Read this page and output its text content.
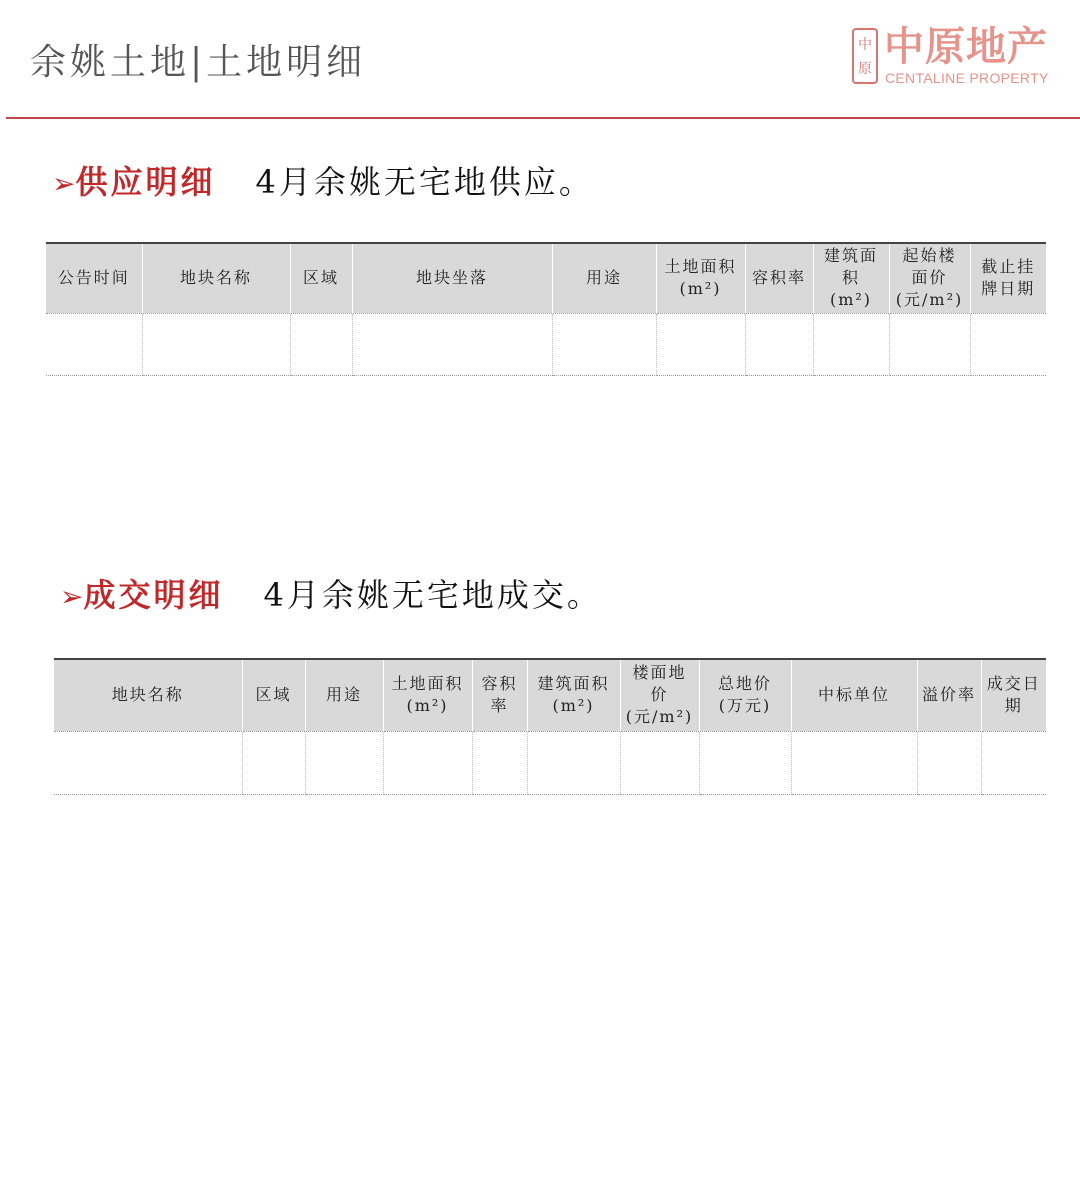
余姚土地|土地明细	中
原 中原地产
CENTALINE PROPERTY
➢供应明细 4月余姚无宅地供应。
公告时间	地块名称	区域	地块坐落	用途	土地面积
(m²)	容积率	建筑面
积
(m²)	起始楼
面价
(元/m²)	截止挂
牌日期

➢成交明细 4月余姚无宅地成交。
地块名称	区域	用途	土地面积
(m²)	容积
率	建筑面积
(m²)	楼面地
价
(元/m²)	总地价
(万元)	中标单位	溢价率	成交日
期
